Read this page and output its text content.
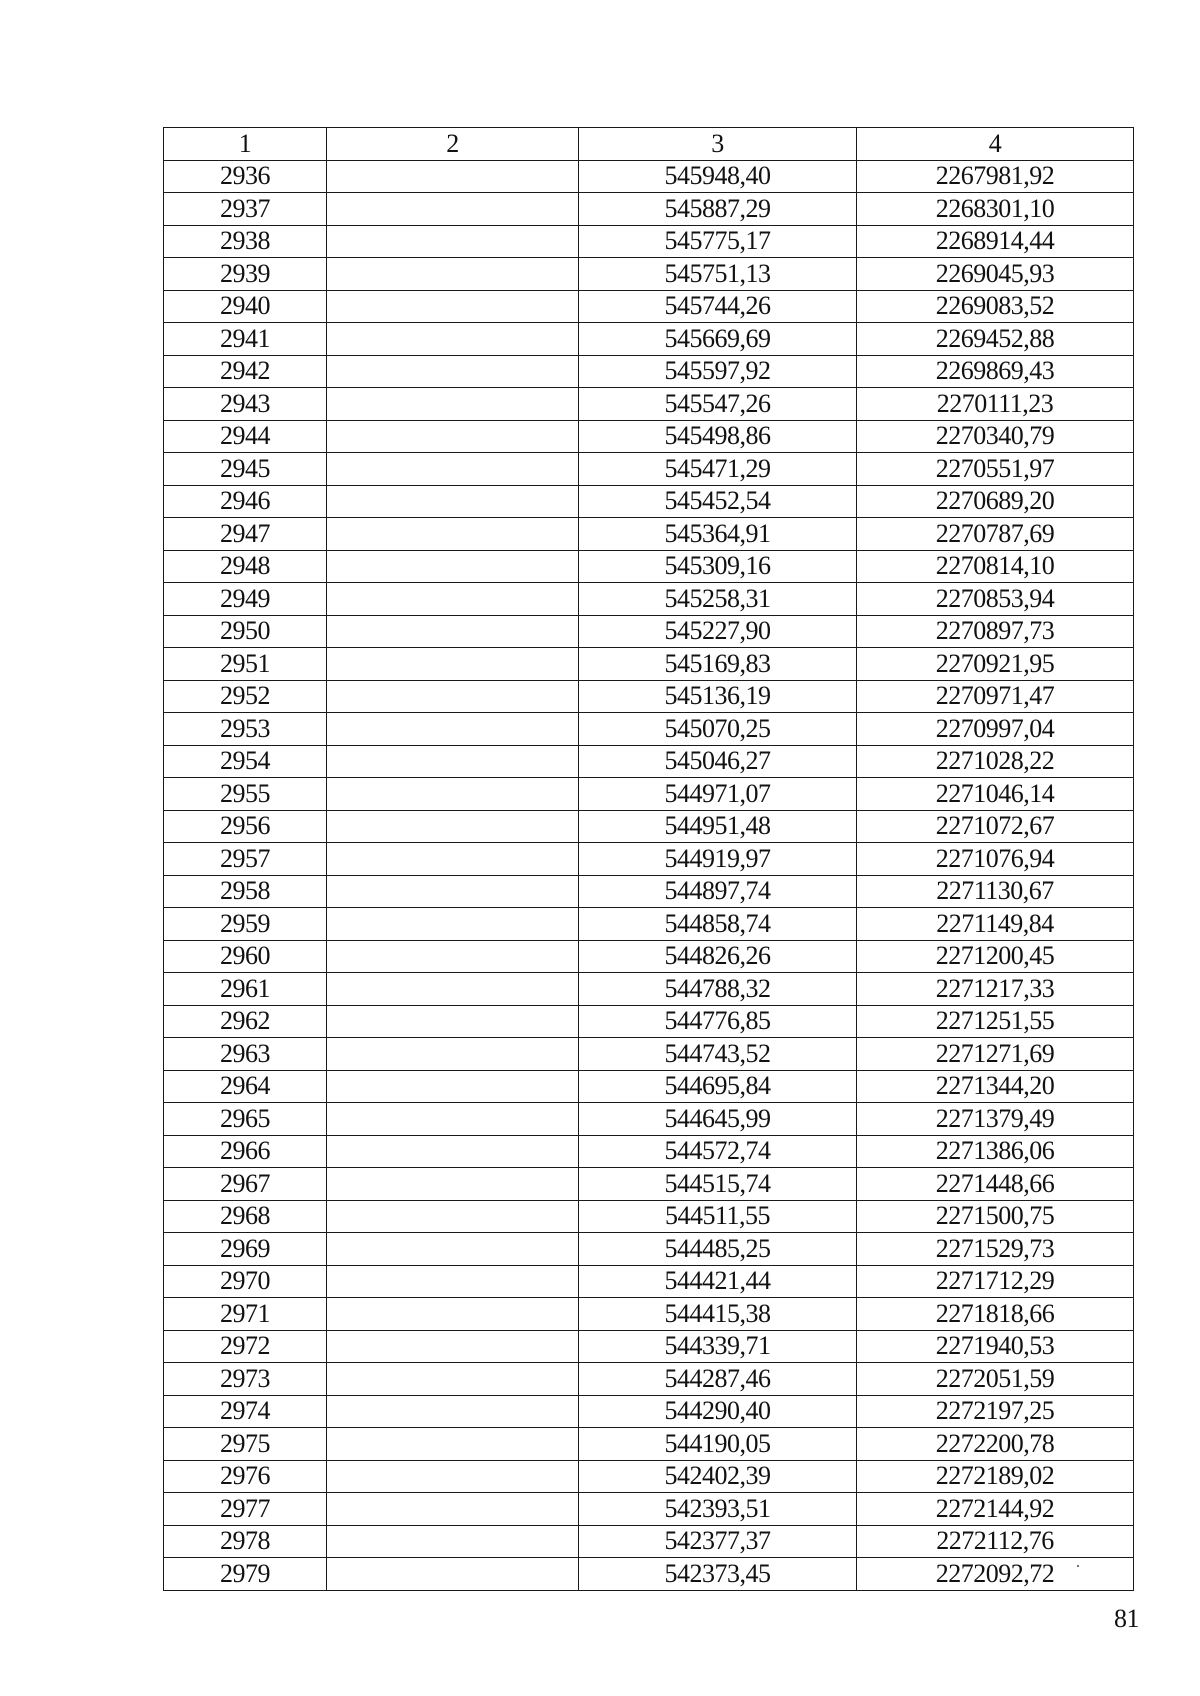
1	2	3	4
2936		545948,40	2267981,92
2937		545887,29	2268301,10
2938		545775,17	2268914,44
2939		545751,13	2269045,93
2940		545744,26	2269083,52
2941		545669,69	2269452,88
2942		545597,92	2269869,43
2943		545547,26	2270111,23
2944		545498,86	2270340,79
2945		545471,29	2270551,97
2946		545452,54	2270689,20
2947		545364,91	2270787,69
2948		545309,16	2270814,10
2949		545258,31	2270853,94
2950		545227,90	2270897,73
2951		545169,83	2270921,95
2952		545136,19	2270971,47
2953		545070,25	2270997,04
2954		545046,27	2271028,22
2955		544971,07	2271046,14
2956		544951,48	2271072,67
2957		544919,97	2271076,94
2958		544897,74	2271130,67
2959		544858,74	2271149,84
2960		544826,26	2271200,45
2961		544788,32	2271217,33
2962		544776,85	2271251,55
2963		544743,52	2271271,69
2964		544695,84	2271344,20
2965		544645,99	2271379,49
2966		544572,74	2271386,06
2967		544515,74	2271448,66
2968		544511,55	2271500,75
2969		544485,25	2271529,73
2970		544421,44	2271712,29
2971		544415,38	2271818,66
2972		544339,71	2271940,53
2973		544287,46	2272051,59
2974		544290,40	2272197,25
2975		544190,05	2272200,78
2976		542402,39	2272189,02
2977		542393,51	2272144,92
2978		542377,37	2272112,76
2979		542373,45	2272092,72
81
